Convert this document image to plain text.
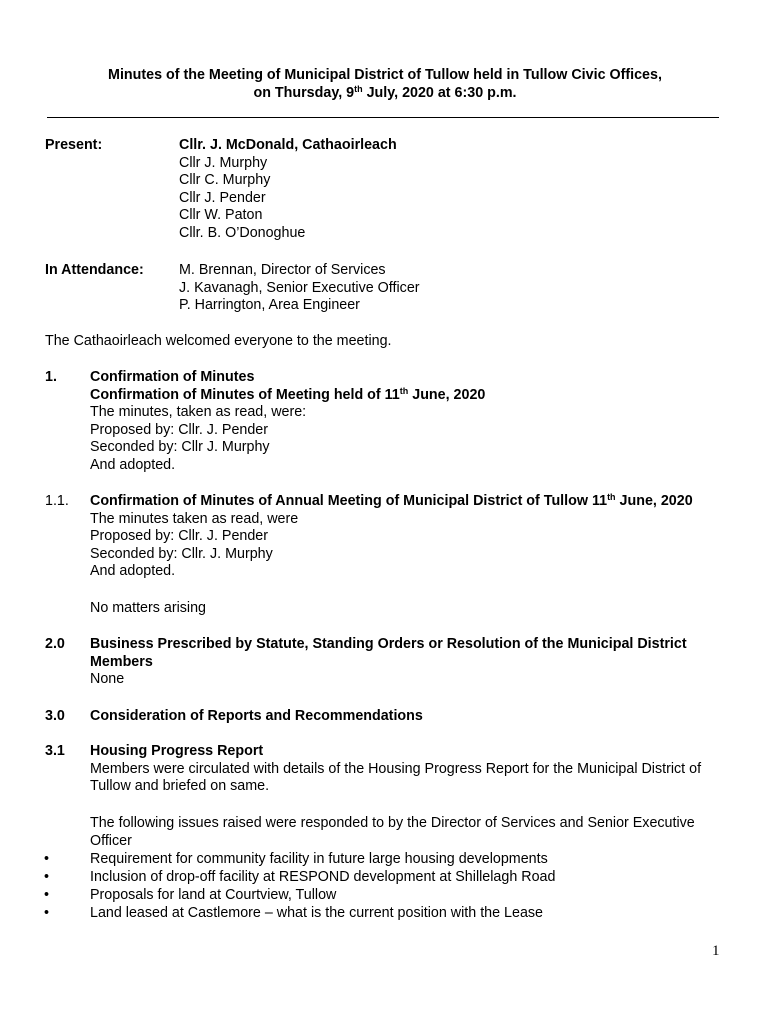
Minutes of the Meeting of Municipal District of Tullow held in Tullow Civic Offices,
on Thursday, 9th July, 2020 at 6:30 p.m.
Present:	Cllr. J. McDonald, Cathaoirleach
Cllr J. Murphy
Cllr C. Murphy
Cllr J. Pender
Cllr W. Paton
Cllr. B. O’Donoghue
In Attendance: M. Brennan, Director of Services
J. Kavanagh, Senior Executive Officer
P. Harrington, Area Engineer
The Cathaoirleach welcomed everyone to the meeting.
1. Confirmation of Minutes
Confirmation of Minutes of Meeting held of 11th June, 2020
The minutes, taken as read, were:
Proposed by: Cllr. J. Pender
Seconded by: Cllr J. Murphy
And adopted.
1.1. Confirmation of Minutes of Annual Meeting of Municipal District of Tullow 11th June, 2020
The minutes taken as read, were
Proposed by: Cllr. J. Pender
Seconded by: Cllr. J. Murphy
And adopted.
No matters arising
2.0 Business Prescribed by Statute, Standing Orders or Resolution of the Municipal District Members
None
3.0 Consideration of Reports and Recommendations
3.1 Housing Progress Report
Members were circulated with details of the Housing Progress Report for the Municipal District of Tullow and briefed on same.
The following issues raised were responded to by the Director of Services and Senior Executive Officer
•	Requirement for community facility in future large housing developments
•	Inclusion of drop-off facility at RESPOND development at Shillelagh Road
•	Proposals for land at Courtview, Tullow
•	Land leased at Castlemore – what is the current position with the Lease
1
